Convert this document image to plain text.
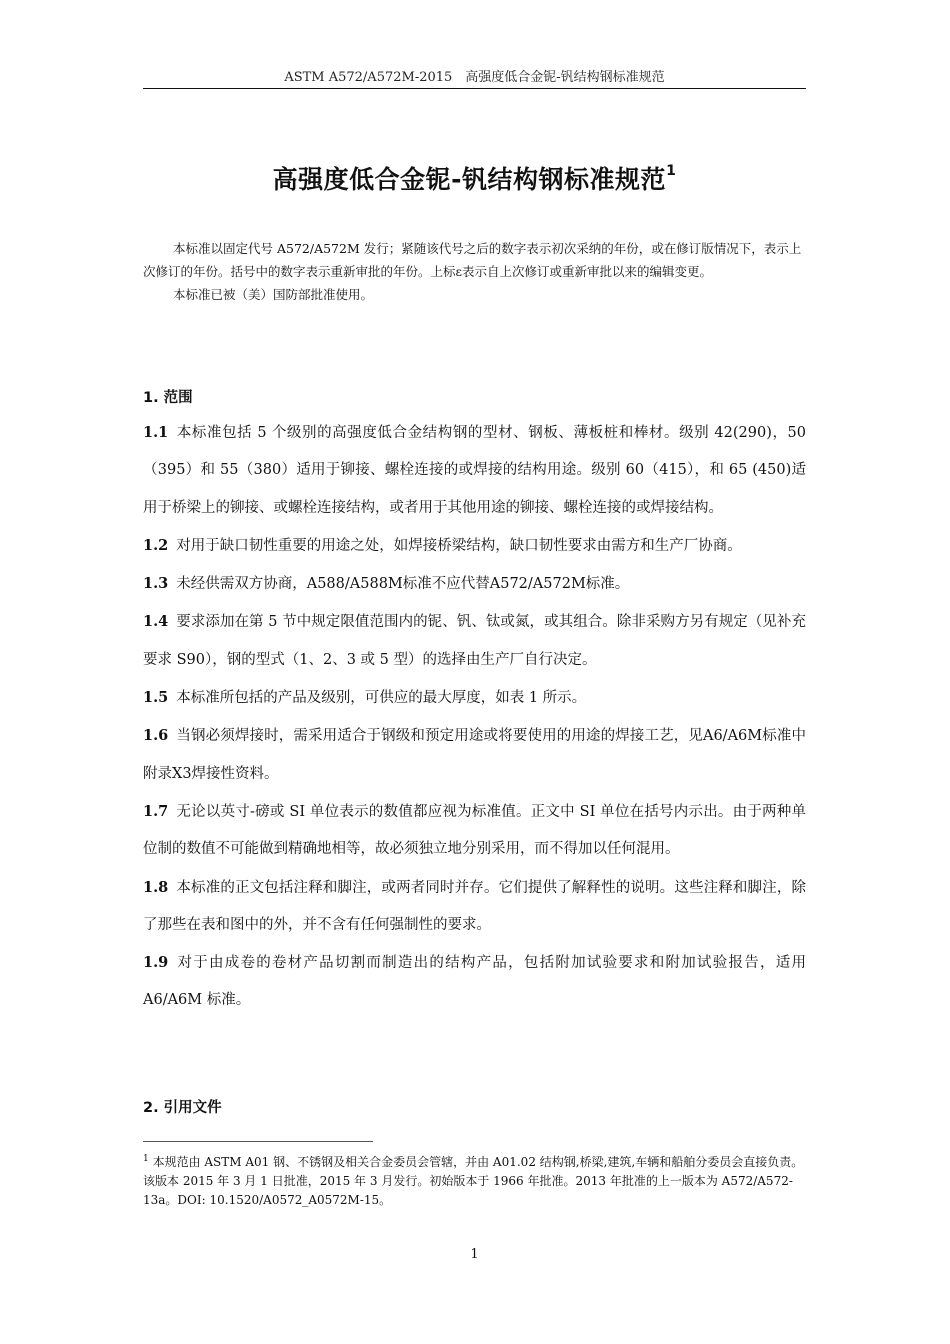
ASTM A572/A572M-2015　高强度低合金铌-钒结构钢标准规范
高强度低合金铌-钒结构钢标准规范$^1$

本标准以固定代号 A572/A572M 发行；紧随该代号之后的数字表示初次采纳的年份，或在修订版情况下，表示上次修订的年份。括号中的数字表示重新审批的年份。上标ε表示自上次修订或重新审批以来的编辑变更。

本标准已被（美）国防部批准使用。

1. 范围

1.1 本标准包括 5 个级别的高强度低合金结构钢的型材、钢板、薄板桩和棒材。级别 42(290)，50（395）和 55（380）适用于铆接、螺栓连接的或焊接的结构用途。级别 60（415），和 65 (450)适用于桥梁上的铆接、或螺栓连接结构，或者用于其他用途的铆接、螺栓连接的或焊接结构。

1.2 对用于缺口韧性重要的用途之处，如焊接桥梁结构，缺口韧性要求由需方和生产厂协商。

1.3 未经供需双方协商，A588/A588M标准不应代替A572/A572M标准。

1.4 要求添加在第 5 节中规定限值范围内的铌、钒、钛或氮，或其组合。除非采购方另有规定（见补充要求 S90），钢的型式（1、2、3 或 5 型）的选择由生产厂自行决定。

1.5 本标准所包括的产品及级别，可供应的最大厚度，如表 1 所示。

1.6 当钢必须焊接时，需采用适合于钢级和预定用途或将要使用的用途的焊接工艺，见A6/A6M标准中附录X3焊接性资料。

1.7 无论以英寸-磅或 SI 单位表示的数值都应视为标准值。正文中 SI 单位在括号内示出。由于两种单位制的数值不可能做到精确地相等，故必须独立地分别采用，而不得加以任何混用。

1.8 本标准的正文包括注释和脚注，或两者同时并存。它们提供了解释性的说明。这些注释和脚注，除了那些在表和图中的外，并不含有任何强制性的要求。

1.9 对于由成卷的卷材产品切割而制造出的结构产品，包括附加试验要求和附加试验报告，适用 A6/A6M 标准。

2. 引用文件

$^1$ 本规范由 ASTM A01 钢、不锈钢及相关合金委员会管辖，并由 A01.02 结构钢,桥梁,建筑,车辆和船舶分委员会直接负责。

该版本 2015 年 3 月 1 日批准，2015 年 3 月发行。初始版本于 1966 年批准。2013 年批准的上一版本为 A572/A572-13a。DOI: 10.1520/A0572_A0572M-15。

1
